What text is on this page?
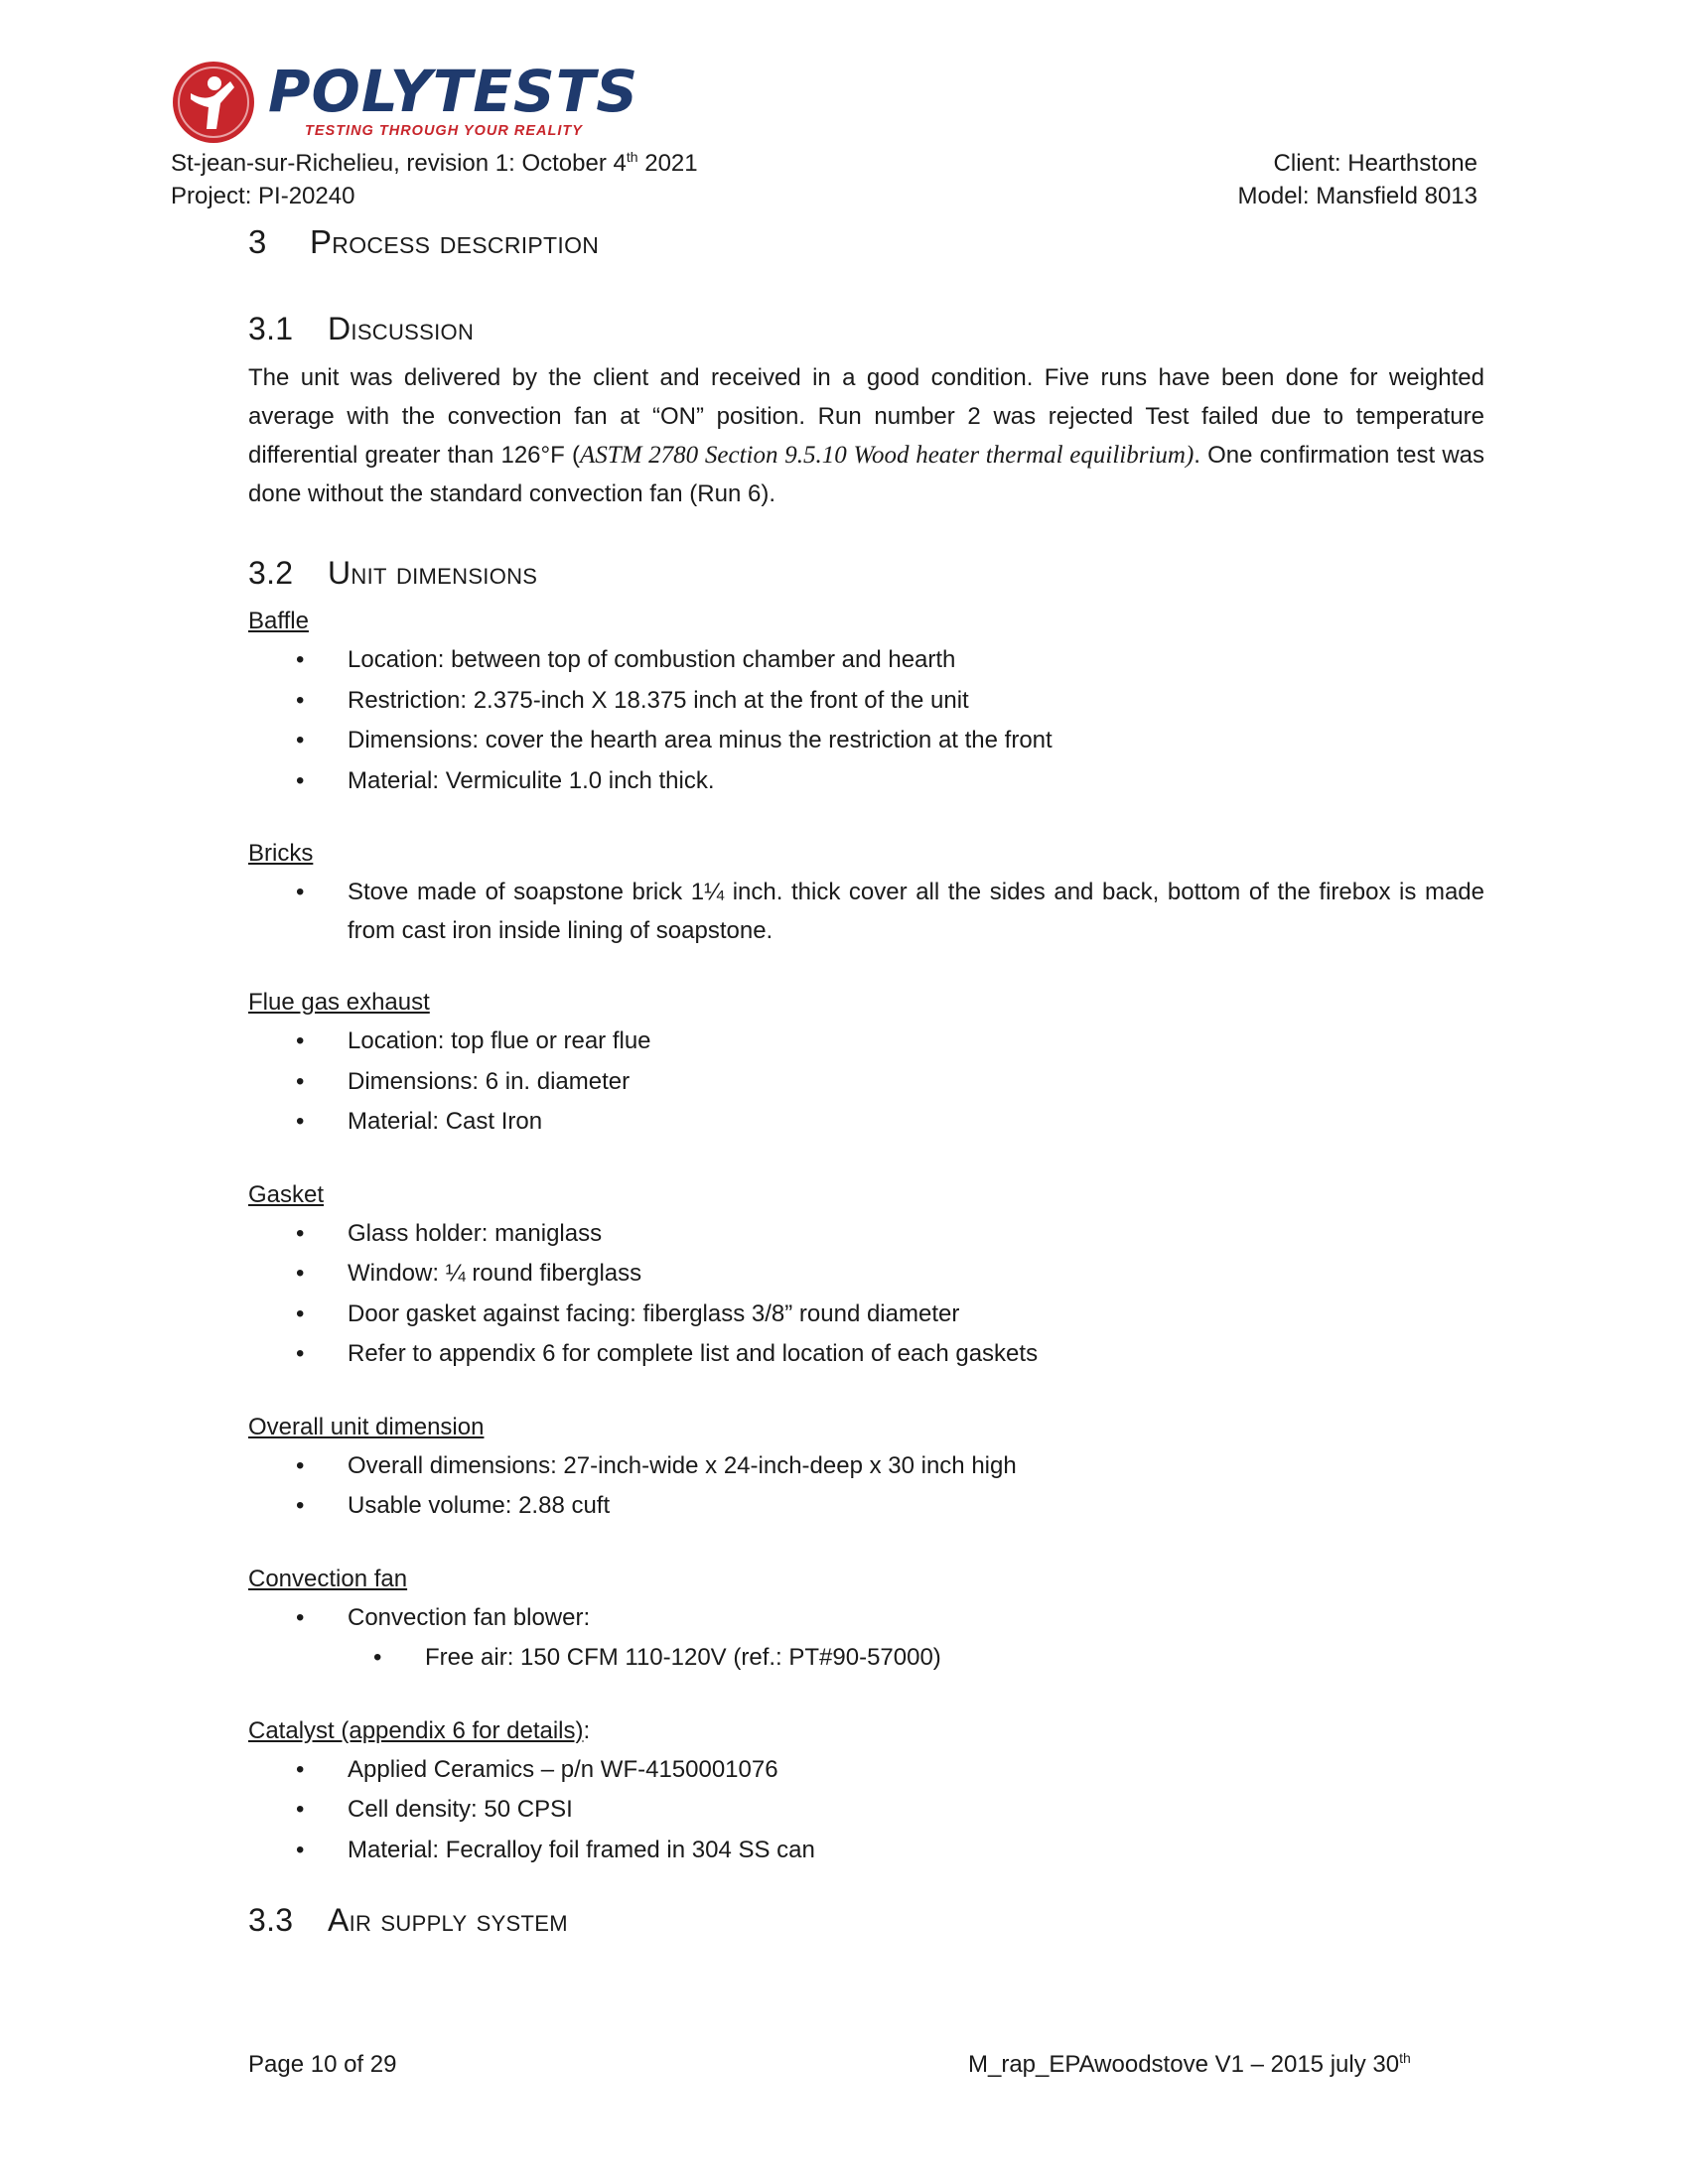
POLYTESTS
TESTING THROUGH YOUR REALITY
St-jean-sur-Richelieu, revision 1: October 4th 2021
Project: PI-20240
Client: Hearthstone
Model: Mansfield 8013
3 Process description
3.1 Discussion

The unit was delivered by the client and received in a good condition. Five runs have been done for weighted average with the convection fan at “ON” position. Run number 2 was rejected Test failed due to temperature differential greater than 126°F (ASTM 2780 Section 9.5.10 Wood heater thermal equilibrium). One confirmation test was done without the standard convection fan (Run 6).

3.2 Unit dimensions
Baffle
• Location: between top of combustion chamber and hearth
• Restriction: 2.375-inch X 18.375 inch at the front of the unit
• Dimensions: cover the hearth area minus the restriction at the front
• Material: Vermiculite 1.0 inch thick.
Bricks
• Stove made of soapstone brick 1¼ inch. thick cover all the sides and back, bottom of the firebox is made from cast iron inside lining of soapstone.
Flue gas exhaust
• Location: top flue or rear flue
• Dimensions: 6 in. diameter
• Material: Cast Iron
Gasket
• Glass holder: maniglass
• Window: ¼ round fiberglass
• Door gasket against facing: fiberglass 3/8” round diameter
• Refer to appendix 6 for complete list and location of each gaskets
Overall unit dimension
• Overall dimensions: 27-inch-wide x 24-inch-deep x 30 inch high
• Usable volume: 2.88 cuft
Convection fan
• Convection fan blower:
• Free air: 150 CFM 110-120V (ref.: PT#90-57000)
Catalyst (appendix 6 for details):
• Applied Ceramics – p/n WF-4150001076
• Cell density: 50 CPSI
• Material: Fecralloy foil framed in 304 SS can
3.3 Air supply system
Page 10 of 29	M_rap_EPAwoodstove V1 – 2015 july 30th
